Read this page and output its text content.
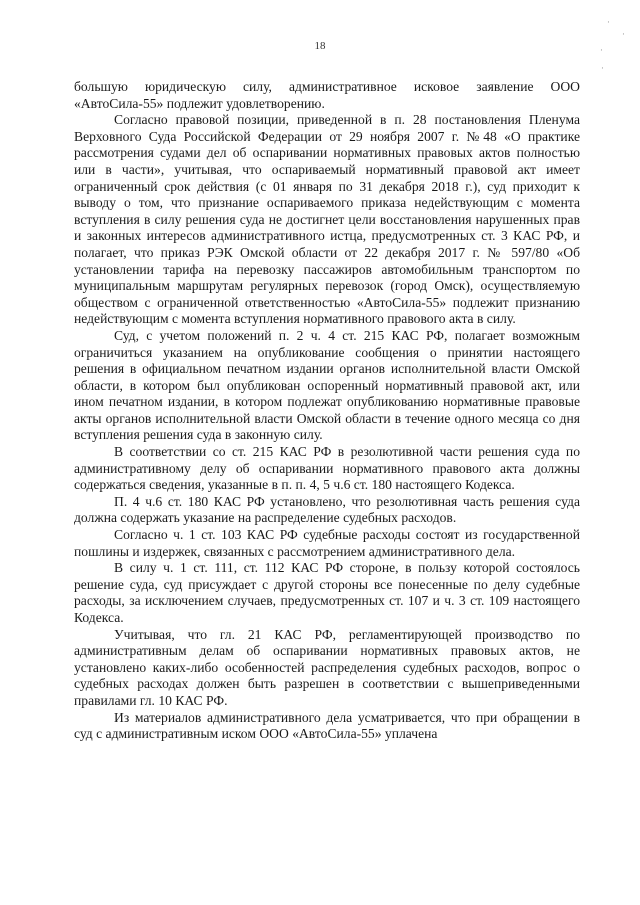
18

большую юридическую силу, административное исковое заявление ООО «АвтоСила-55» подлежит удовлетворению.

Согласно правовой позиции, приведенной в п. 28 постановления Пленума Верховного Суда Российской Федерации от 29 ноября 2007 г. №48 «О практике рассмотрения судами дел об оспаривании нормативных правовых актов полностью или в части», учитывая, что оспариваемый нормативный правовой акт имеет ограниченный срок действия (с 01 января по 31 декабря 2018 г.), суд приходит к выводу о том, что признание оспариваемого приказа недействующим с момента вступления в силу решения суда не достигнет цели восстановления нарушенных прав и законных интересов административного истца, предусмотренных ст. 3 КАС РФ, и полагает, что приказ РЭК Омской области от 22 декабря 2017 г. № 597/80 «Об установлении тарифа на перевозку пассажиров автомобильным транспортом по муниципальным маршрутам регулярных перевозок (город Омск), осуществляемую обществом с ограниченной ответственностью «АвтоСила-55» подлежит признанию недействующим с момента вступления нормативного правового акта в силу.

Суд, с учетом положений п. 2 ч. 4 ст. 215 КАС РФ, полагает возможным ограничиться указанием на опубликование сообщения о принятии настоящего решения в официальном печатном издании органов исполнительной власти Омской области, в котором был опубликован оспоренный нормативный правовой акт, или ином печатном издании, в котором подлежат опубликованию нормативные правовые акты органов исполнительной власти Омской области в течение одного месяца со дня вступления решения суда в законную силу.

В соответствии со ст. 215 КАС РФ в резолютивной части решения суда по административному делу об оспаривании нормативного правового акта должны содержаться сведения, указанные в п. п. 4, 5 ч.6 ст. 180 настоящего Кодекса.

П. 4 ч.6 ст. 180 КАС РФ установлено, что резолютивная часть решения суда должна содержать указание на распределение судебных расходов.

Согласно ч. 1 ст. 103 КАС РФ судебные расходы состоят из государственной пошлины и издержек, связанных с рассмотрением административного дела.

В силу ч. 1 ст. 111, ст. 112 КАС РФ стороне, в пользу которой состоялось решение суда, суд присуждает с другой стороны все понесенные по делу судебные расходы, за исключением случаев, предусмотренных ст. 107 и ч. 3 ст. 109 настоящего Кодекса.

Учитывая, что гл. 21 КАС РФ, регламентирующей производство по административным делам об оспаривании нормативных правовых актов, не установлено каких-либо особенностей распределения судебных расходов, вопрос о судебных расходах должен быть разрешен в соответствии с вышеприведенными правилами гл. 10 КАС РФ.

Из материалов административного дела усматривается, что при обращении в суд с административным иском ООО «АвтоСила-55» уплачена

·
·
·
·
